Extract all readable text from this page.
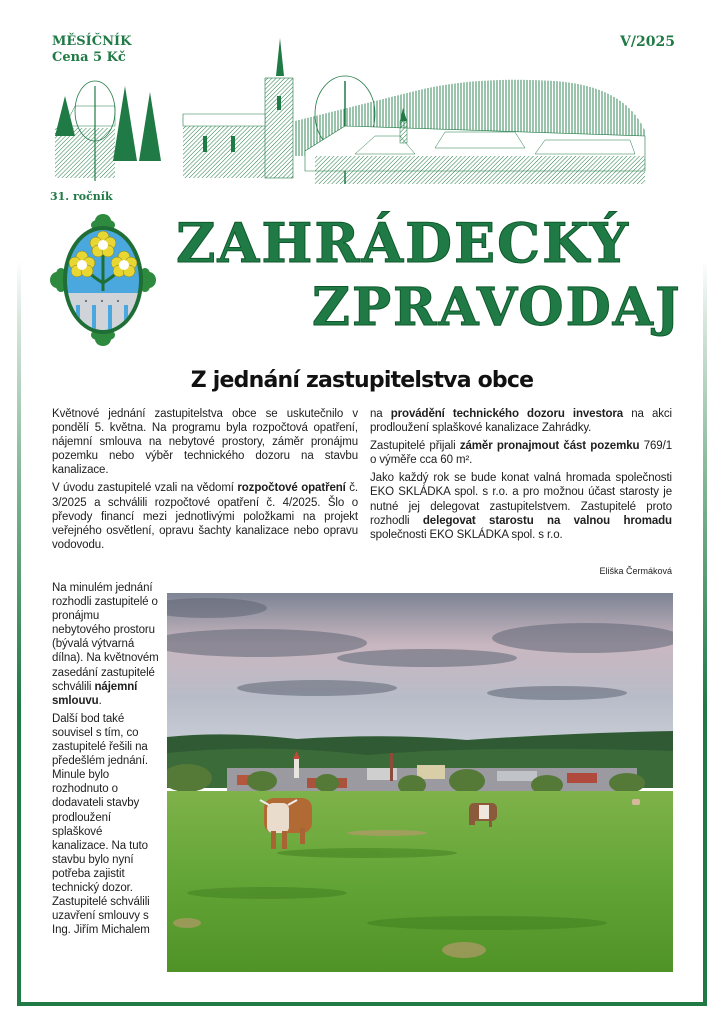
MĚSÍČNÍK
Cena 5 Kč
V/2025
31. ročník
ZAHRÁDECKÝ
ZPRAVODAJ
Z jednání zastupitelstva obce

Květnové jednání zastupitelstva obce se uskutečnilo v pondělí 5. května. Na programu byla rozpočtová opatření, nájemní smlouva na nebytové prostory, záměr pronájmu pozemku nebo výběr technického dozoru na stavbu kanalizace.

V úvodu zastupitelé vzali na vědomí rozpočtové opatření č. 3/2025 a schválili rozpočtové opatření č. 4/2025. Šlo o převody financí mezi jednotlivými položkami na projekt veřejného osvětlení, opravu šachty kanalizace nebo opravu vodovodu.

Na minulém jednání rozhodli zastupitelé o pronájmu nebytového prostoru (bývalá výtvarná dílna). Na květnovém zasedání zastupitelé schválili nájemní smlouvu.

Další bod také souvisel s tím, co zastupitelé řešili na předešlém jednání. Minule bylo rozhodnuto o dodavateli stavby prodloužení splaškové kanalizace. Na tuto stavbu bylo nyní potřeba zajistit technický dozor. Zastupitelé schválili uzavření smlouvy s Ing. Jiřím Michalem

na provádění technického dozoru investora na akci prodloužení splaškové kanalizace Zahrádky.

Zastupitelé přijali záměr pronajmout část pozemku 769/1 o výměře cca 60 m².

Jako každý rok se bude konat valná hromada společnosti EKO SKLÁDKA spol. s r.o. a pro možnou účast starosty je nutné jej delegovat zastupitelstvem. Zastupitelé proto rozhodli delegovat starostu na valnou hromadu společnosti EKO SKLÁDKA spol. s r.o.

Eliška Čermáková
